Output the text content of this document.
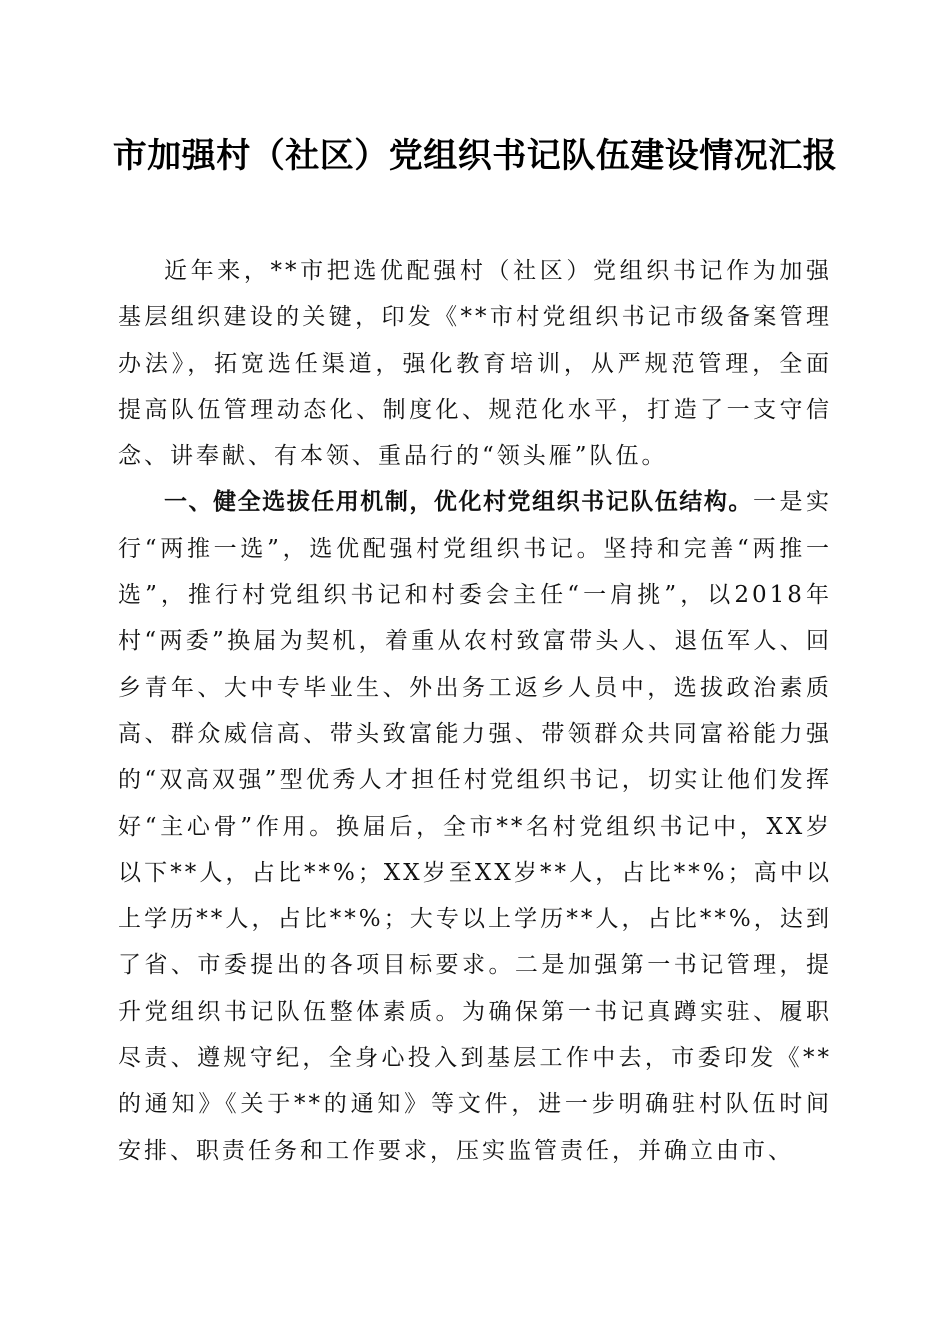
市加强村（社区）党组织书记队伍建设情况汇报

近年来，**市把选优配强村（社区）党组织书记作为加强基层组织建设的关键，印发《**市村党组织书记市级备案管理办法》，拓宽选任渠道，强化教育培训，从严规范管理，全面提高队伍管理动态化、制度化、规范化水平，打造了一支守信念、讲奉献、有本领、重品行的“领头雁”队伍。

一、健全选拔任用机制，优化村党组织书记队伍结构。一是实行“两推一选”，选优配强村党组织书记。坚持和完善“两推一选”，推行村党组织书记和村委会主任“一肩挑”，以2018年村“两委”换届为契机，着重从农村致富带头人、退伍军人、回乡青年、大中专毕业生、外出务工返乡人员中，选拔政治素质高、群众威信高、带头致富能力强、带领群众共同富裕能力强的“双高双强”型优秀人才担任村党组织书记，切实让他们发挥好“主心骨”作用。换届后，全市**名村党组织书记中，XX岁以下**人，占比**%；XX岁至XX岁**人，占比**%；高中以上学历**人，占比**%；大专以上学历**人，占比**%，达到了省、市委提出的各项目标要求。二是加强第一书记管理，提升党组织书记队伍整体素质。为确保第一书记真蹲实驻、履职尽责、遵规守纪，全身心投入到基层工作中去，市委印发《**的通知》《关于**的通知》等文件，进一步明确驻村队伍时间安排、职责任务和工作要求，压实监管责任，并确立由市、
